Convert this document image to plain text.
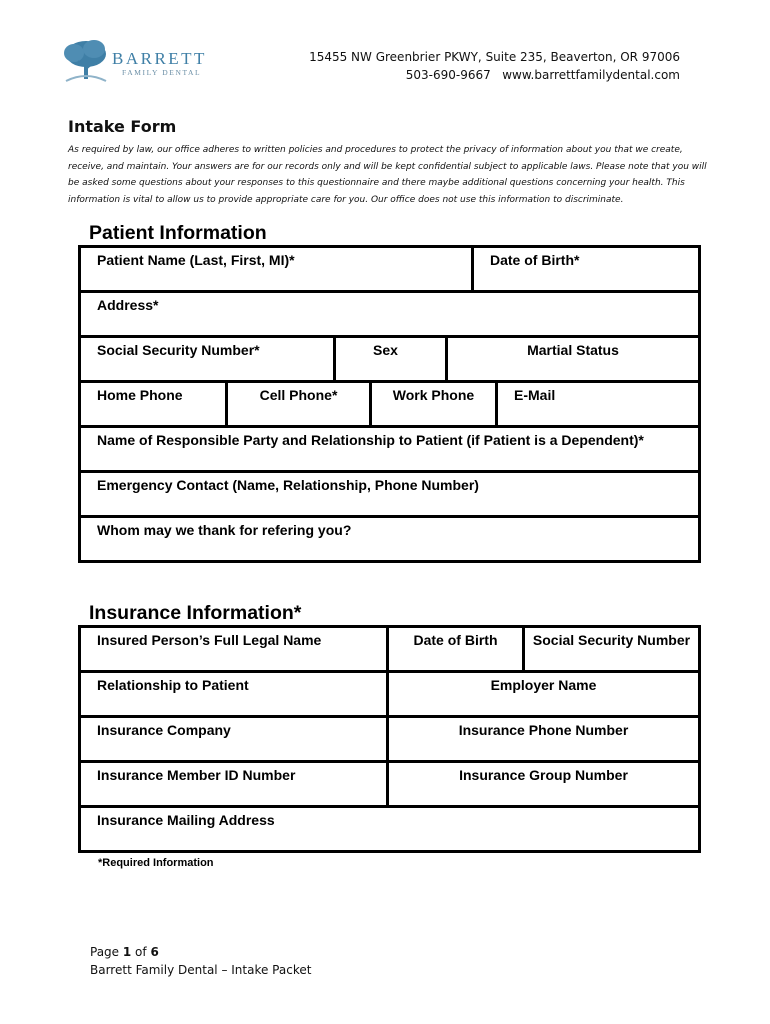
BARRETT
FAMILY DENTAL
15455 NW Greenbrier PKWY, Suite 235, Beaverton, OR 97006
503-690-9667   www.barrettfamilydental.com
Intake Form
As required by law, our office adheres to written policies and procedures to protect the privacy of information about you that we create, receive, and maintain. Your answers are for our records only and will be kept confidential subject to applicable laws. Please note that you will be asked some questions about your responses to this questionnaire and there maybe additional questions concerning your health. This information is vital to allow us to provide appropriate care for you. Our office does not use this information to discriminate.
Patient Information
Patient Name (Last, First, MI)*	Date of Birth*
Address*
Social Security Number*	Sex	Martial Status
Home Phone	Cell Phone*	Work Phone	E-Mail
Name of Responsible Party and Relationship to Patient (if Patient is a Dependent)*
Emergency Contact (Name, Relationship, Phone Number)
Whom may we thank for refering you?
Insurance Information*
Insured Person’s Full Legal Name	Date of Birth	Social Security Number
Relationship to Patient	Employer Name
Insurance Company	Insurance Phone Number
Insurance Member ID Number	Insurance Group Number
Insurance Mailing Address
*Required Information
Page 1 of 6
Barrett Family Dental – Intake Packet
